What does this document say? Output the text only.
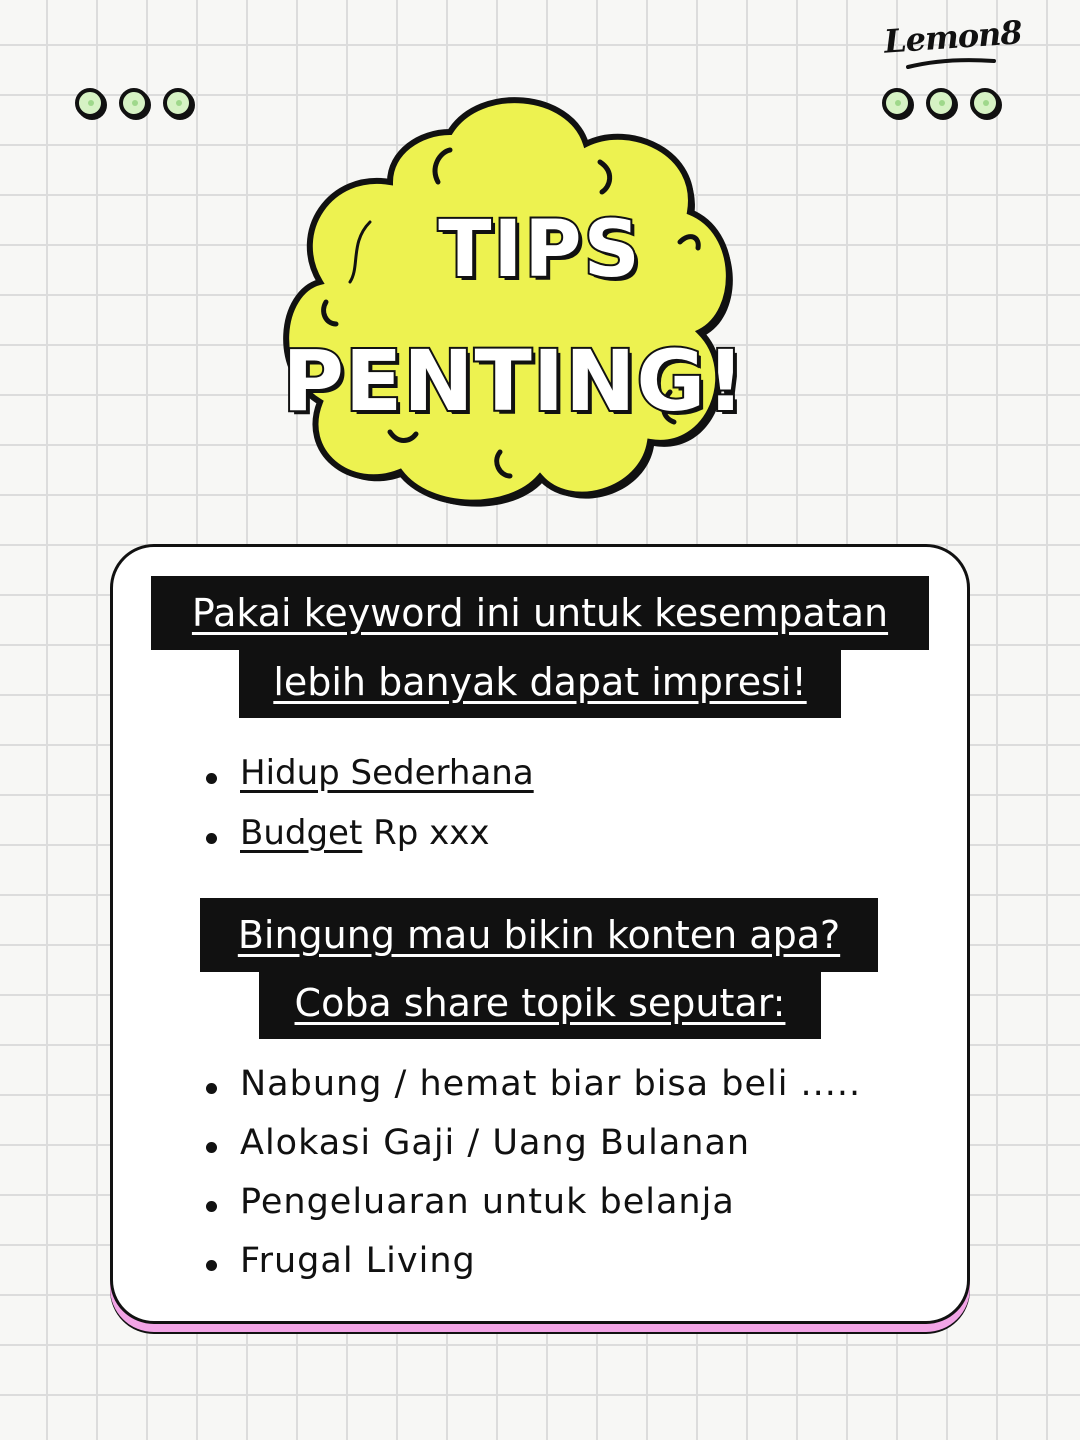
Lemon8
TIPS
PENTING!
Pakai keyword ini untuk kesempatan
lebih banyak dapat impresi!
Hidup Sederhana
Budget Rp xxx
Bingung mau bikin konten apa?
Coba share topik seputar:
Nabung / hemat biar bisa beli .....
Alokasi Gaji / Uang Bulanan
Pengeluaran untuk belanja
Frugal Living
